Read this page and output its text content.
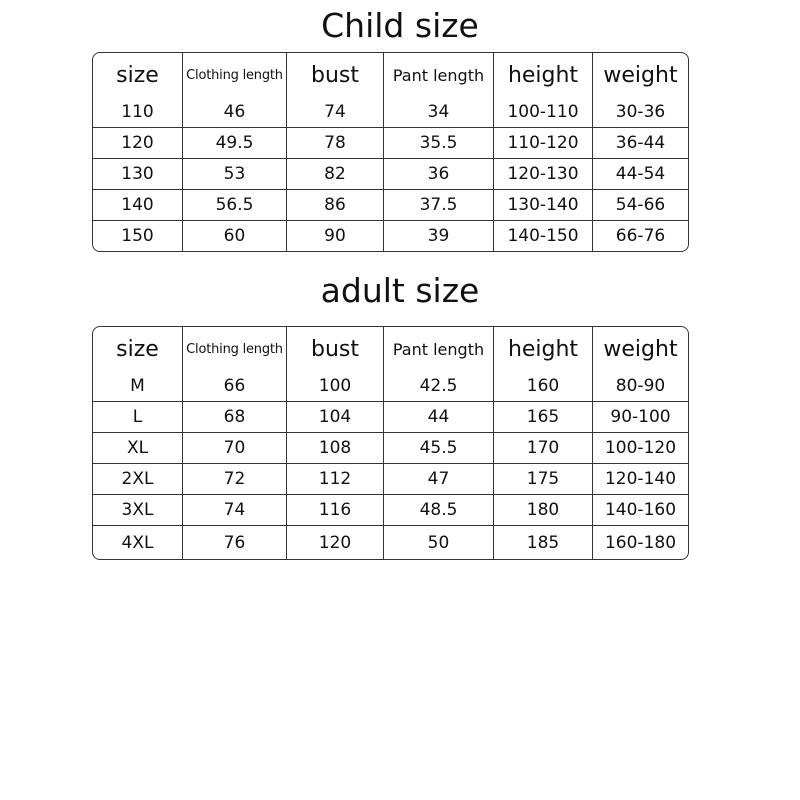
Child size
size	Clothing length	bust	Pant length	height	weight
110	46	74	34	100-110	30-36
120	49.5	78	35.5	110-120	36-44
130	53	82	36	120-130	44-54
140	56.5	86	37.5	130-140	54-66
150	60	90	39	140-150	66-76
adult size
size	Clothing length	bust	Pant length	height	weight
M	66	100	42.5	160	80-90
L	68	104	44	165	90-100
XL	70	108	45.5	170	100-120
2XL	72	112	47	175	120-140
3XL	74	116	48.5	180	140-160
4XL	76	120	50	185	160-180
